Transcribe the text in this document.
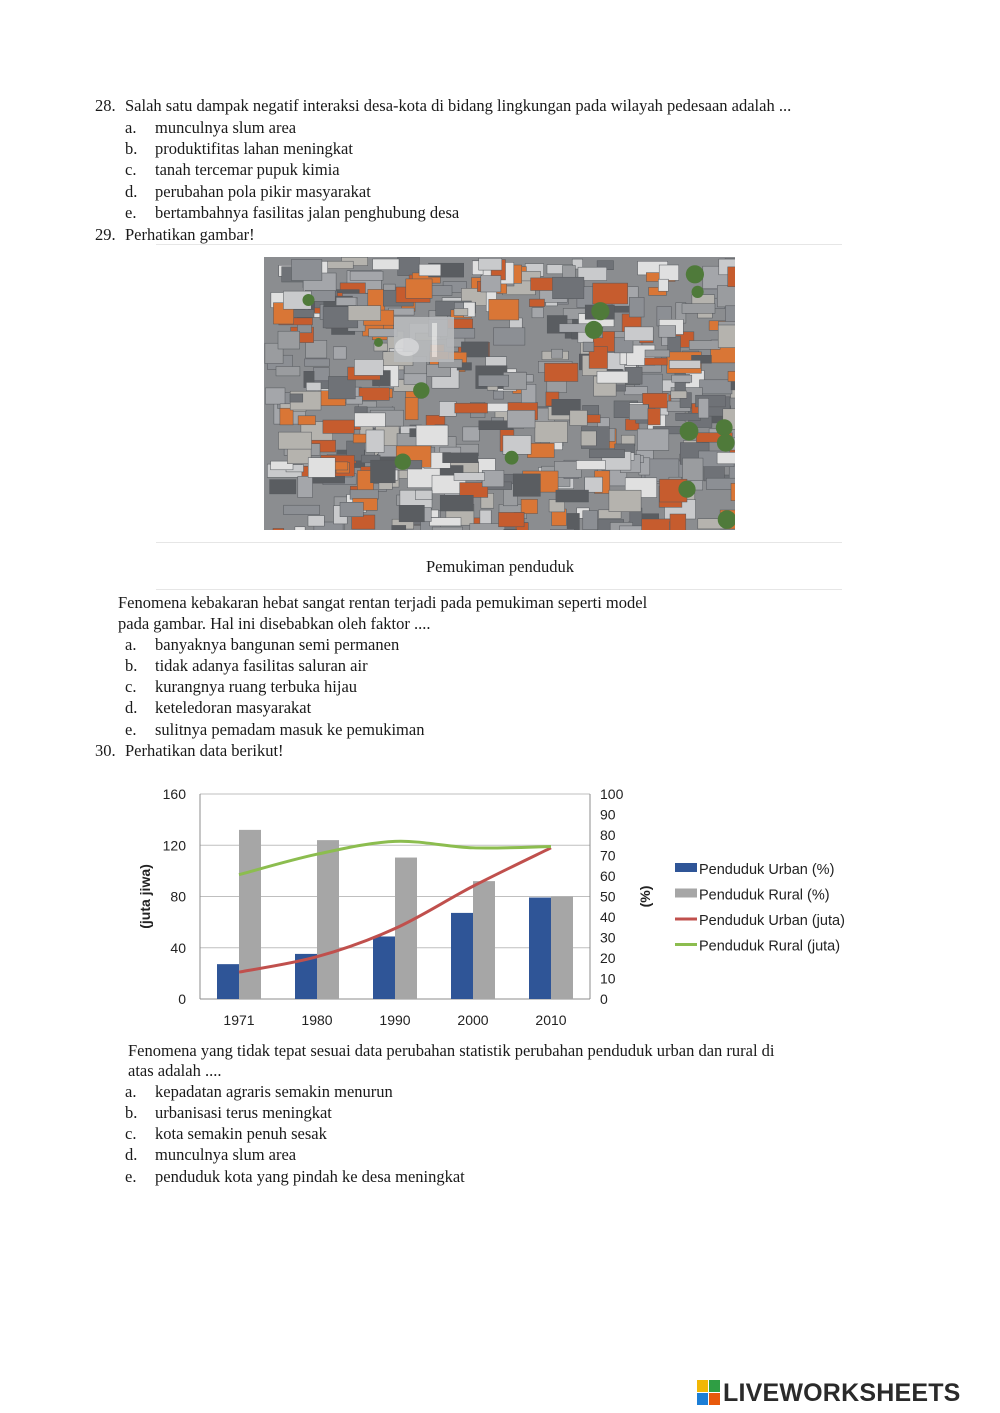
28. Salah satu dampak negatif interaksi desa-kota di bidang lingkungan pada wilayah pedesaan adalah ...
a. munculnya slum area
b. produktifitas lahan meningkat
c. tanah tercemar pupuk kimia
d. perubahan pola pikir masyarakat
e. bertambahnya fasilitas jalan penghubung desa
29. Perhatikan gambar!
Pemukiman penduduk
Fenomena kebakaran hebat sangat rentan terjadi pada pemukiman seperti model
pada gambar. Hal ini disebabkan oleh faktor ....
a. banyaknya bangunan semi permanen
b. tidak adanya fasilitas saluran air
c. kurangnya ruang terbuka hijau
d. keteledoran masyarakat
e. sulitnya pemadam masuk ke pemukiman
30. Perhatikan data berikut!
0
40
80
120
160
0
10
20
30
40
50
60
70
80
90
100
1971	1980	1990	2000	2010
(juta jiwa)	(%)
Penduduk Urban (%)
Penduduk Rural (%)
Penduduk Urban (juta)
Penduduk Rural (juta)
Fenomena yang tidak tepat sesuai data perubahan statistik perubahan penduduk urban dan rural di
atas adalah ....
a. kepadatan agraris semakin menurun
b. urbanisasi terus meningkat
c. kota semakin penuh sesak
d. munculnya slum area
e. penduduk kota yang pindah ke desa meningkat
LIVEWORKSHEETS
